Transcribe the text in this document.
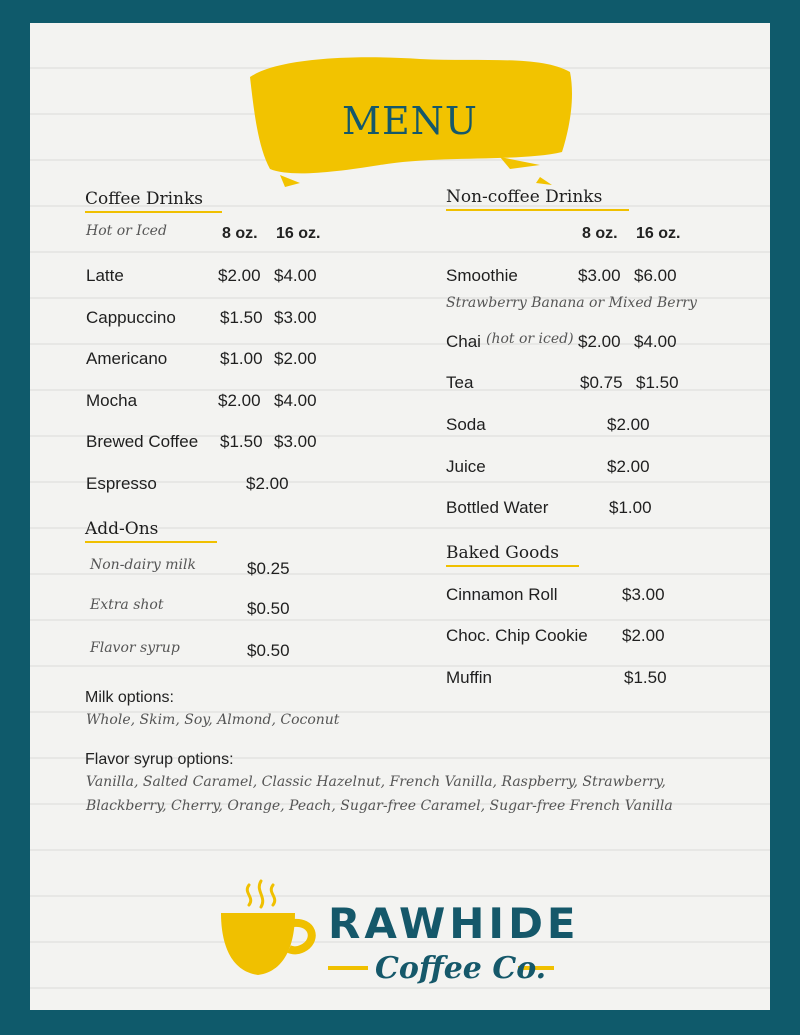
MENU
Coffee Drinks
Hot or Iced	8 oz. 16 oz.
Latte	$2.00 $4.00
Cappuccino	$1.50 $3.00
Americano	$1.00 $2.00
Mocha	$2.00 $4.00
Brewed Coffee $1.50 $3.00
Espresso	$2.00
Add-Ons
Non-dairy milk	$0.25
Extra shot	$0.50
Flavor syrup	$0.50
Milk options:
Whole, Skim, Soy, Almond, Coconut
Flavor syrup options:
Vanilla, Salted Caramel, Classic Hazelnut, French Vanilla, Raspberry, Strawberry,
Blackberry, Cherry, Orange, Peach, Sugar-free Caramel, Sugar-free French Vanilla
Non-coffee Drinks
8 oz. 16 oz.
Smoothie	$3.00 $6.00
Strawberry Banana or Mixed Berry
Chai (hot or iced) $2.00 $4.00
Tea	$0.75 $1.50
Soda	$2.00
Juice	$2.00
Bottled Water	$1.00
Baked Goods
Cinnamon Roll	$3.00
Choc. Chip Cookie $2.00
Muffin	$1.50
RAWHIDE
Coffee Co.
